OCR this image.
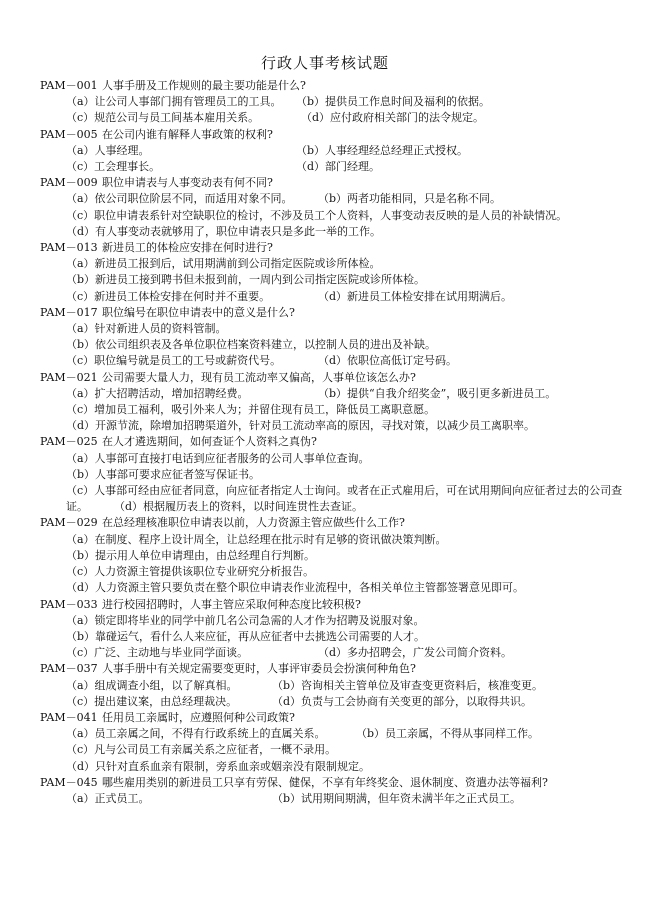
行政人事考核试题
PAM－001 人事手册及工作规则的最主要功能是什么?
（a）让公司人事部门拥有管理员工的工具。 （b）提供员工作息时间及福利的依据。
（c）规范公司与员工间基本雇用关系。	（d）应付政府相关部门的法令规定。
PAM－005 在公司内谁有解释人事政策的权利?
（a）人事经理。	（b）人事经理经总经理正式授权。
（c）工会理事长。	（d）部门经理。
PAM－009 职位申请表与人事变动表有何不同?
（a）依公司职位阶层不同，而适用对象不同。 （b）两者功能相同，只是名称不同。
（c）职位申请表系针对空缺职位的检讨，不涉及员工个人资料，人事变动表反映的是人员的补缺情况。
（d）有人事变动表就够用了，职位申请表只是多此一举的工作。
PAM－013 新进员工的体检应安排在何时进行?
（a）新进员工报到后，试用期满前到公司指定医院或诊所体检。
（b）新进员工接到聘书但未报到前，一周内到公司指定医院或诊所体检。
（c）新进员工体检安排在何时并不重要。	（d）新进员工体检安排在试用期满后。
PAM－017 职位编号在职位申请表中的意义是什么?
（a）针对新进人员的资料管制。
（b）依公司组织表及各单位职位档案资料建立，以控制人员的进出及补缺。
（c）职位编号就是员工的工号或薪资代号。	（d）依职位高低订定号码。
PAM－021 公司需要大量人力，现有员工流动率又偏高，人事单位该怎么办?
（a）扩大招聘活动，增加招聘经费。	（b）提供“自我介绍奖金”，吸引更多新进员工。
（c）增加员工福利，吸引外来人为；并留住现有员工，降低员工离职意愿。
（d）开源节流，除增加招聘渠道外，针对员工流动率高的原因，寻找对策，以减少员工离职率。
PAM－025 在人才遴选期间，如何查证个人资料之真伪?
（a）人事部可直接打电话到应征者服务的公司人事单位查询。
（b）人事部可要求应征者签写保证书。
（c）人事部可经由应征者同意，向应征者指定人士询问。或者在正式雇用后，可在试用期间向应征者过去的公司查证。 （d）根据履历表上的资料，以时间连贯性去查证。
PAM－029 在总经理核准职位申请表以前，人力资源主管应做些什么工作?
（a）在制度、程序上设计周全，让总经理在批示时有足够的资讯做决策判断。
（b）提示用人单位申请理由，由总经理自行判断。
（c）人力资源主管提供该职位专业研究分析报告。
（d）人力资源主管只要负责在整个职位申请表作业流程中，各相关单位主管都签署意见即可。
PAM－033 进行校园招聘时，人事主管应采取何种态度比较积极?
（a）锁定即将毕业的同学中前几名公司急需的人才作为招聘及说服对象。
（b）靠碰运气，看什么人来应征，再从应征者中去挑选公司需要的人才。
（c）广泛、主动地与毕业同学面谈。	（d）多办招聘会，广发公司简介资料。
PAM－037 人事手册中有关规定需要变更时，人事评审委员会扮演何种角色?
（a）组成调查小组，以了解真相。	（b）咨询相关主管单位及审查变更资料后，核准变更。
（c）提出建议案，由总经理裁决。	（d）负责与工会协商有关变更的部分，以取得共识。
PAM－041 任用员工亲属时，应遵照何种公司政策?
（a）员工亲属之间，不得有行政系统上的直属关系。	（b）员工亲属，不得从事同样工作。
（c）凡与公司员工有亲属关系之应征者，一概不录用。
（d）只针对直系血亲有限制，旁系血亲或姻亲没有限制规定。
PAM－045 哪些雇用类别的新进员工只享有劳保、健保，不享有年终奖金、退休制度、资遣办法等福利?
（a）正式员工。	（b）试用期间期满，但年资未满半年之正式员工。
